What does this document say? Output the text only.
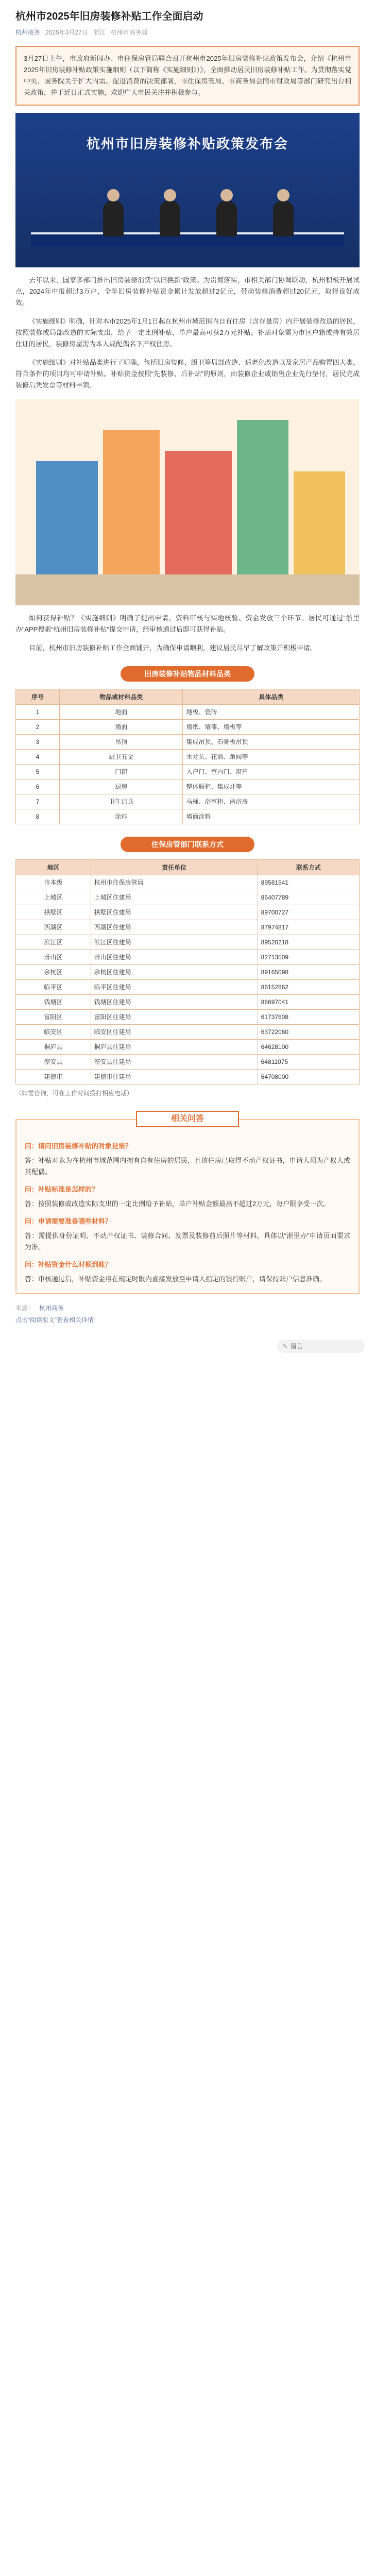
杭州市2025年旧房装修补贴工作全面启动
杭州商务 2025年3月27日 浙江 杭州市商务局
3月27日上午，市政府新闻办、市住保房管局联合召开杭州市2025年旧房装修补贴政策发布会，介绍《杭州市2025年旧房装修补贴政策实施细则（以下简称《实施细则》）》，全面推动居民旧房装修补贴工作。为贯彻落实党中央、国务院关于扩大内需、促进消费的决策部署，市住保房管局、市商务局会同市财政局等部门研究出台相关政策，并于近日正式实施，欢迎广大市民关注并积极参与。
杭州市旧房装修补贴政策发布会

去年以来，国家多部门推出旧房装修消费“以旧换新”政策。为贯彻落实，市相关部门协调联动，杭州积极开展试点，2024年申报超过3万户，全年旧房装修补贴资金累计发放超过2亿元，带动装修消费超过20亿元，取得良好成效。

《实施细则》明确，针对本市2025年1月1日起在杭州市域范围内自有住房（含存量房）内开展装修改造的居民，按照装修或局部改造的实际支出，给予一定比例补贴，单户最高可获2万元补贴。补贴对象需为市区户籍或持有效居住证的居民，装修房屋需为本人或配偶名下产权住房。

《实施细则》对补贴品类进行了明确，包括旧房装修、厨卫等局部改造、适老化改造以及家居产品购置四大类，符合条件的项目均可申请补贴。补贴资金按照“先装修、后补贴”的原则，由装修企业或销售企业先行垫付，居民完成装修后凭发票等材料申领。

如何获得补贴？《实施细则》明确了提出申请、资料审核与实地核验、资金发放三个环节。居民可通过“浙里办”APP搜索“杭州旧房装修补贴”提交申请，经审核通过后即可获得补贴。

目前，杭州市旧房装修补贴工作全面铺开，为确保申请顺利，建议居民尽早了解政策并积极申请。

旧房装修补贴物品材料品类
序号	物品或材料品类	具体品类
1	地面	地板、瓷砖
2	墙面	墙纸、墙漆、墙板等
3	吊顶	集成吊顶、石膏板吊顶
4	厨卫五金	水龙头、花洒、角阀等
5	门窗	入户门、室内门、窗户
6	厨房	整体橱柜、集成灶等
7	卫生洁具	马桶、浴室柜、淋浴房
8	涂料	墙面涂料
住保房管部门联系方式
地区	责任单位	联系方式
市本级	杭州市住保房管局	89581541
上城区	上城区住建局	86407789
拱墅区	拱墅区住建局	89700727
西湖区	西湖区住建局	87974817
滨江区	滨江区住建局	89520218
萧山区	萧山区住建局	82713509
余杭区	余杭区住建局	89165098
临平区	临平区住建局	86152862
钱塘区	钱塘区住建局	86697041
富阳区	富阳区住建局	61737608
临安区	临安区住建局	63722060
桐庐县	桐庐县住建局	64628100
淳安县	淳安县住建局	64811075
建德市	建德市住建局	64708000
（如需咨询，可在工作时间拨打相应电话）
相关问答
问：请问旧房装修补贴的对象是谁？
答：补贴对象为在杭州市域范围内拥有自有住房的居民，且该住房已取得不动产权证书，申请人须为产权人或其配偶。
问：补贴标准是怎样的？
答：按照装修或改造实际支出的一定比例给予补贴，单户补贴金额最高不超过2万元，每户限享受一次。
问：申请需要准备哪些材料？
答：需提供身份证明、不动产权证书、装修合同、发票及装修前后照片等材料，具体以“浙里办”申请页面要求为准。
问：补贴资金什么时候到账？
答：审核通过后，补贴资金将在规定时限内直接发放至申请人指定的银行账户，请保持账户信息准确。
来源： 杭州商务
点击“阅读原文”查看相关详情
✎ 留言
